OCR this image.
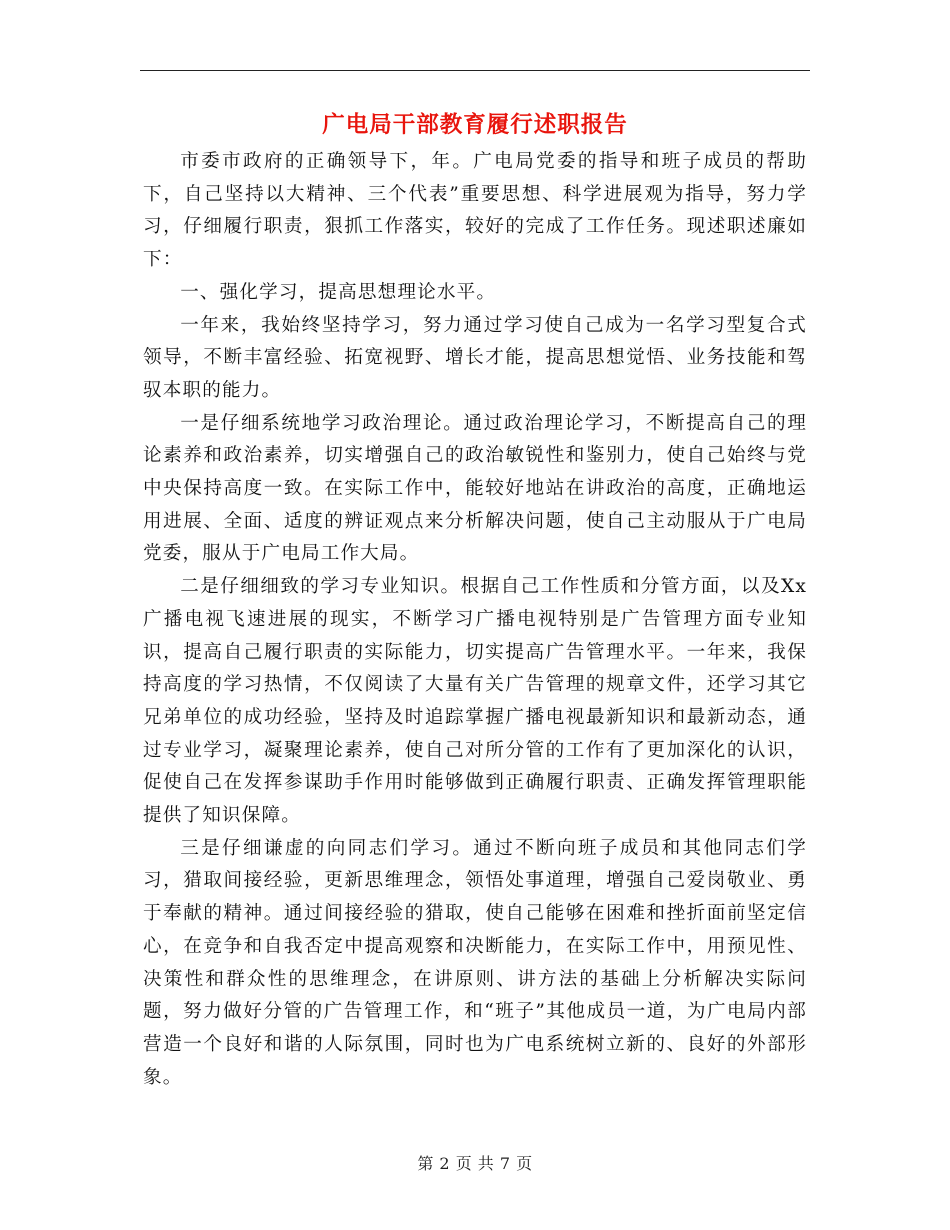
广电局干部教育履行述职报告

市委市政府的正确领导下，年。广电局党委的指导和班子成员的帮助下，自己坚持以大精神、三个代表”重要思想、科学进展观为指导，努力学习，仔细履行职责，狠抓工作落实，较好的完成了工作任务。现述职述廉如下：

一、强化学习，提高思想理论水平。

一年来，我始终坚持学习，努力通过学习使自己成为一名学习型复合式领导，不断丰富经验、拓宽视野、增长才能，提高思想觉悟、业务技能和驾驭本职的能力。

一是仔细系统地学习政治理论。通过政治理论学习，不断提高自己的理论素养和政治素养，切实增强自己的政治敏锐性和鉴别力，使自己始终与党中央保持高度一致。在实际工作中，能较好地站在讲政治的高度，正确地运用进展、全面、适度的辨证观点来分析解决问题，使自己主动服从于广电局党委，服从于广电局工作大局。

二是仔细细致的学习专业知识。根据自己工作性质和分管方面，以及Xx广播电视飞速进展的现实，不断学习广播电视特别是广告管理方面专业知识，提高自己履行职责的实际能力，切实提高广告管理水平。一年来，我保持高度的学习热情，不仅阅读了大量有关广告管理的规章文件，还学习其它兄弟单位的成功经验，坚持及时追踪掌握广播电视最新知识和最新动态，通过专业学习，凝聚理论素养，使自己对所分管的工作有了更加深化的认识，促使自己在发挥参谋助手作用时能够做到正确履行职责、正确发挥管理职能提供了知识保障。

三是仔细谦虚的向同志们学习。通过不断向班子成员和其他同志们学习，猎取间接经验，更新思维理念，领悟处事道理，增强自己爱岗敬业、勇于奉献的精神。通过间接经验的猎取，使自己能够在困难和挫折面前坚定信心，在竞争和自我否定中提高观察和决断能力，在实际工作中，用预见性、决策性和群众性的思维理念，在讲原则、讲方法的基础上分析解决实际问题，努力做好分管的广告管理工作，和“班子”其他成员一道，为广电局内部营造一个良好和谐的人际氛围，同时也为广电系统树立新的、良好的外部形象。

第 2 页 共 7 页
